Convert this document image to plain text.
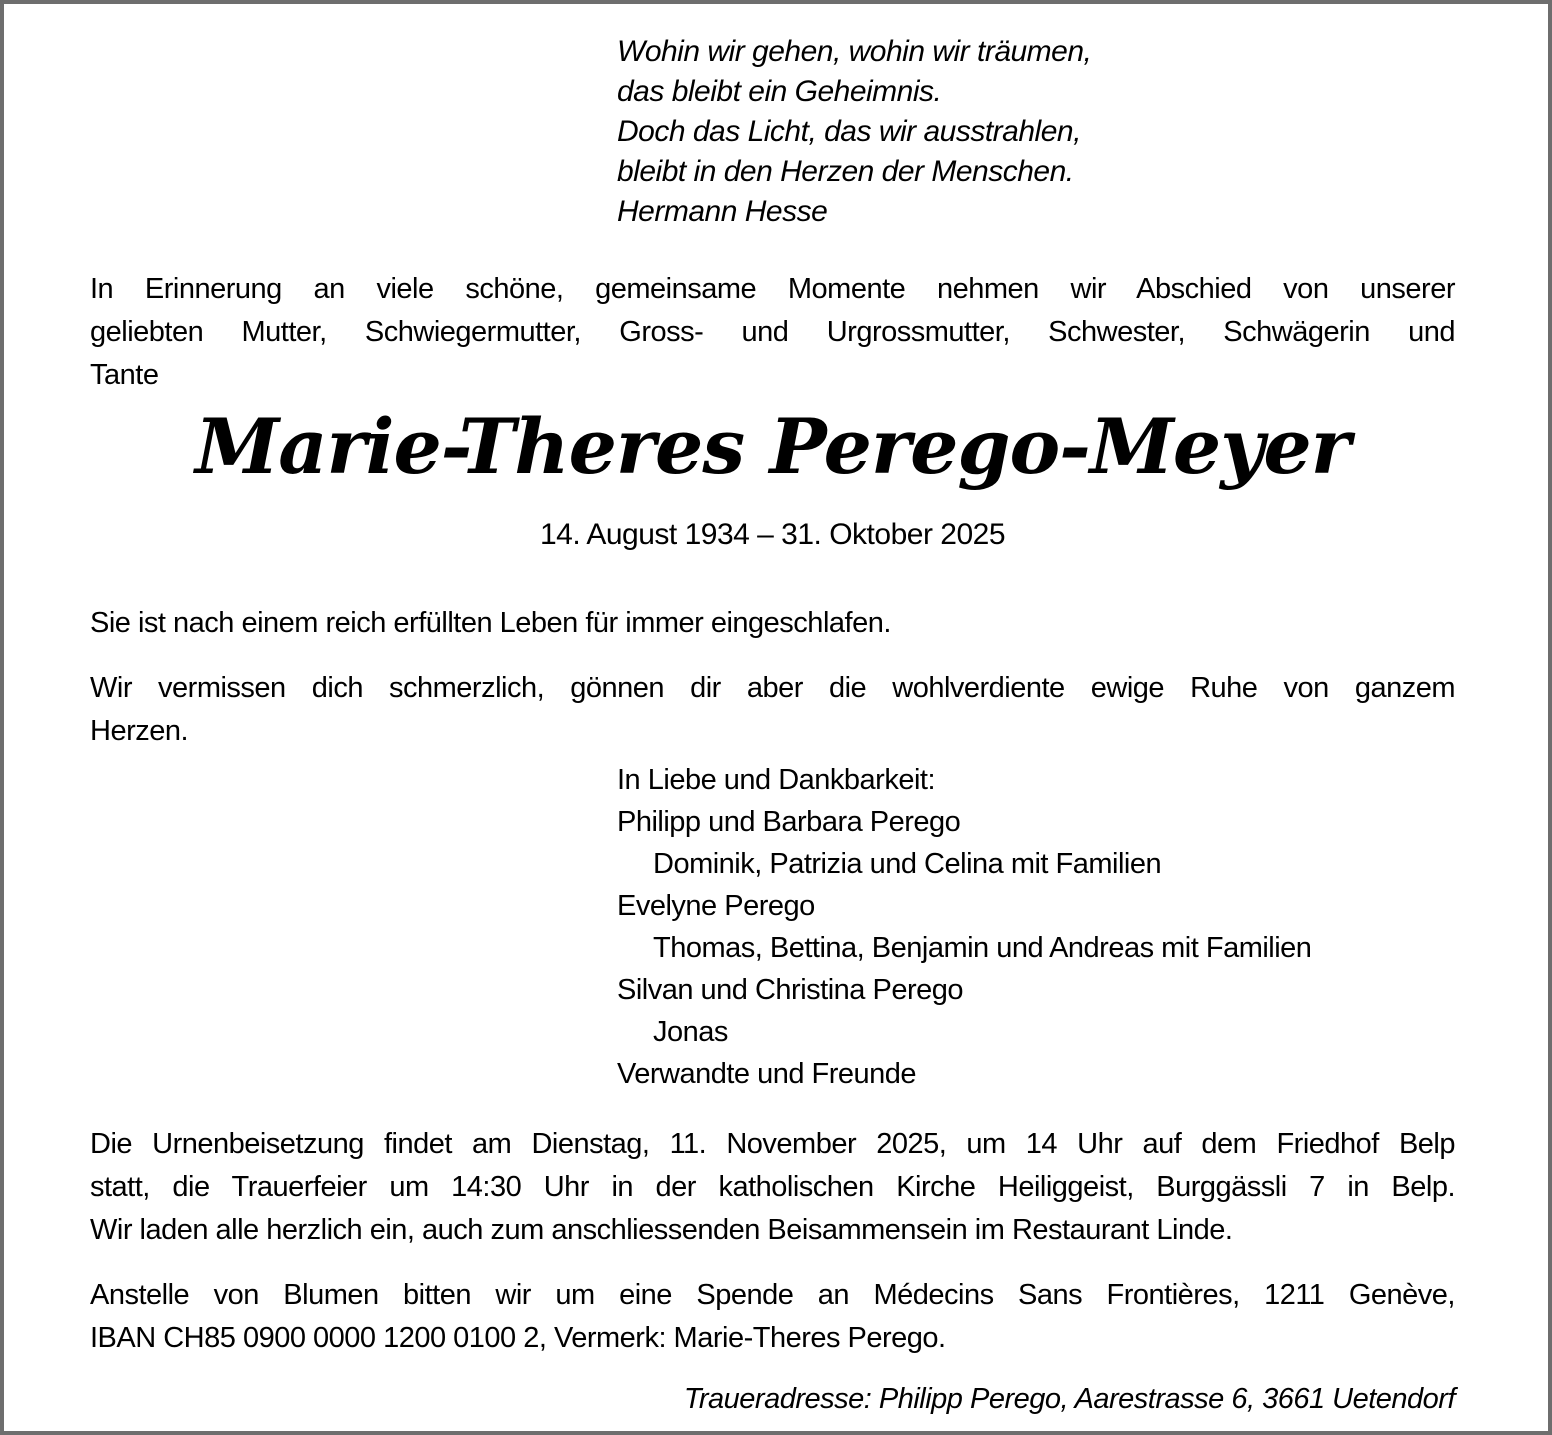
Wohin wir gehen, wohin wir träumen,
das bleibt ein Geheimnis.
Doch das Licht, das wir ausstrahlen,
bleibt in den Herzen der Menschen.
Hermann Hesse
In Erinnerung an viele schöne, gemeinsame Momente nehmen wir Abschied von unserer
geliebten Mutter, Schwiegermutter, Gross- und Urgrossmutter, Schwester, Schwägerin und
Tante
Marie-Theres Perego-Meyer
14. August 1934 – 31. Oktober 2025
Sie ist nach einem reich erfüllten Leben für immer eingeschlafen.
Wir vermissen dich schmerzlich, gönnen dir aber die wohlverdiente ewige Ruhe von ganzem
Herzen.
In Liebe und Dankbarkeit:
Philipp und Barbara Perego
Dominik, Patrizia und Celina mit Familien
Evelyne Perego
Thomas, Bettina, Benjamin und Andreas mit Familien
Silvan und Christina Perego
Jonas
Verwandte und Freunde
Die Urnenbeisetzung findet am Dienstag, 11. November 2025, um 14 Uhr auf dem Friedhof Belp
statt, die Trauerfeier um 14:30 Uhr in der katholischen Kirche Heiliggeist, Burggässli 7 in Belp.
Wir laden alle herzlich ein, auch zum anschliessenden Beisammensein im Restaurant Linde.
Anstelle von Blumen bitten wir um eine Spende an Médecins Sans Frontières, 1211 Genève,
IBAN CH85 0900 0000 1200 0100 2, Vermerk: Marie-Theres Perego.
Traueradresse: Philipp Perego, Aarestrasse 6, 3661 Uetendorf
